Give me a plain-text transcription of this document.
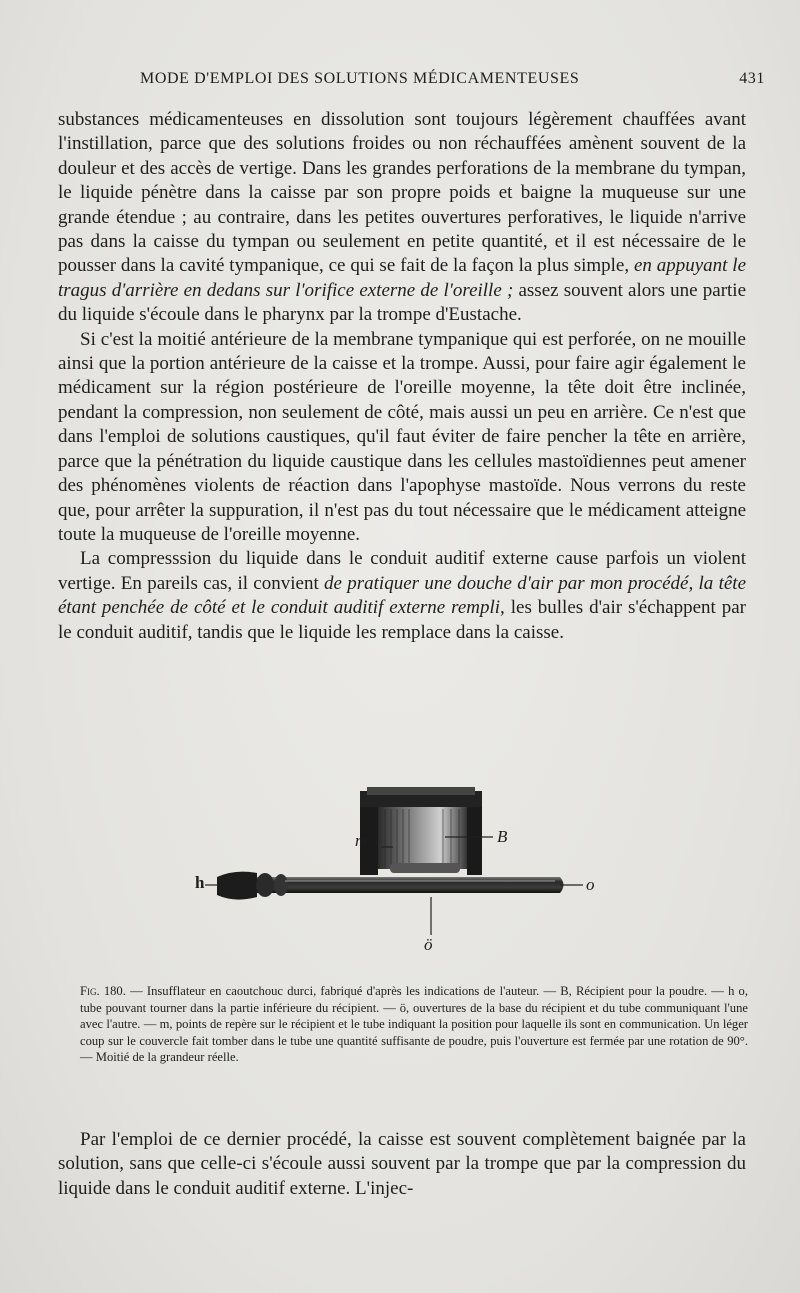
MODE D'EMPLOI DES SOLUTIONS MÉDICAMENTEUSES	431

substances médicamenteuses en dissolution sont toujours légèrement chauffées avant l'instillation, parce que des solutions froides ou non réchauffées amènent souvent de la douleur et des accès de vertige. Dans les grandes perforations de la membrane du tympan, le liquide pénètre dans la caisse par son propre poids et baigne la muqueuse sur une grande étendue ; au contraire, dans les petites ouvertures perforatives, le liquide n'arrive pas dans la caisse du tympan ou seulement en petite quantité, et il est nécessaire de le pousser dans la cavité tympanique, ce qui se fait de la façon la plus simple, en appuyant le tragus d'arrière en dedans sur l'orifice externe de l'oreille ; assez souvent alors une partie du liquide s'écoule dans le pharynx par la trompe d'Eustache.

Si c'est la moitié antérieure de la membrane tympanique qui est perforée, on ne mouille ainsi que la portion antérieure de la caisse et la trompe. Aussi, pour faire agir également le médicament sur la région postérieure de l'oreille moyenne, la tête doit être inclinée, pendant la compression, non seulement de côté, mais aussi un peu en arrière. Ce n'est que dans l'emploi de solutions caustiques, qu'il faut éviter de faire pencher la tête en arrière, parce que la pénétration du liquide caustique dans les cellules mastoïdiennes peut amener des phénomènes violents de réaction dans l'apophyse mastoïde. Nous verrons du reste que, pour arrêter la suppuration, il n'est pas du tout nécessaire que le médicament atteigne toute la muqueuse de l'oreille moyenne.

La compresssion du liquide dans le conduit auditif externe cause parfois un violent vertige. En pareils cas, il convient de pratiquer une douche d'air par mon procédé, la tête étant penchée de côté et le conduit auditif externe rempli, les bulles d'air s'échappent par le conduit auditif, tandis que le liquide les remplace dans la caisse.

m	B
h	o
ö
Fig. 180. — Insufflateur en caoutchouc durci, fabriqué d'après les indications de l'auteur. — B, Récipient pour la poudre. — h o, tube pouvant tourner dans la partie inférieure du récipient. — ö, ouvertures de la base du récipient et du tube communiquant l'une avec l'autre. — m, points de repère sur le récipient et le tube indiquant la position pour laquelle ils sont en communication. Un léger coup sur le couvercle fait tomber dans le tube une quantité suffisante de poudre, puis l'ouverture est fermée par une rotation de 90°. — Moitié de la grandeur réelle.

Par l'emploi de ce dernier procédé, la caisse est souvent complètement baignée par la solution, sans que celle-ci s'écoule aussi souvent par la trompe que par la compression du liquide dans le conduit auditif externe. L'injec-
